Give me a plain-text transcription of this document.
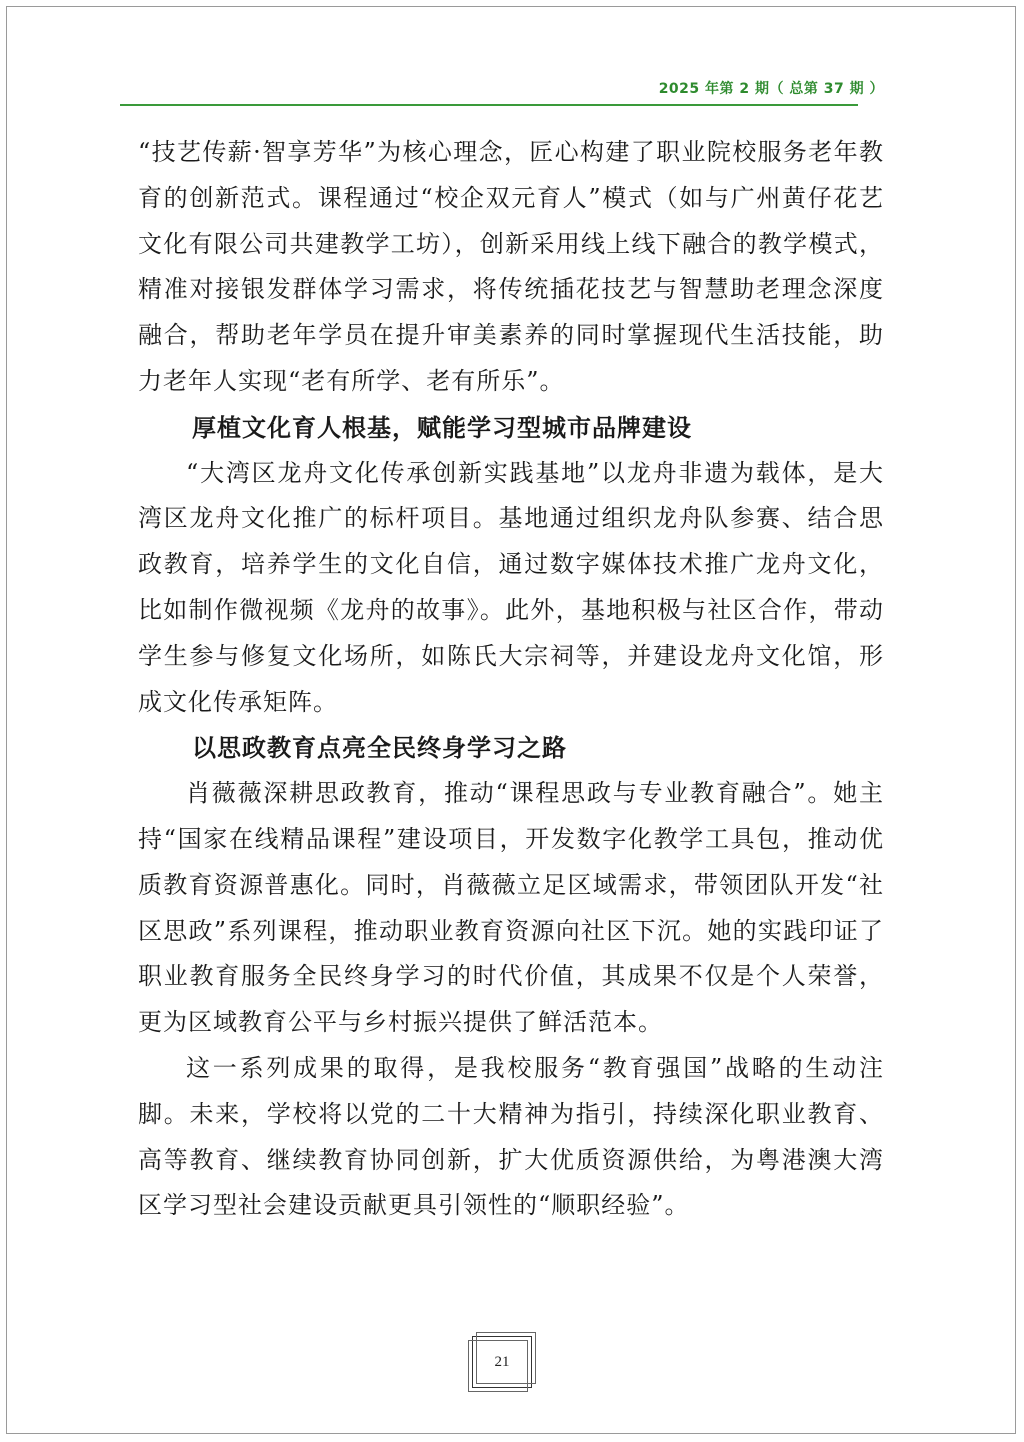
2025 年第 2 期（ 总第 37 期 ）

“技艺传薪·智享芳华”为核心理念，匠心构建了职业院校服务老年教育的创新范式。课程通过“校企双元育人”模式（如与广州黄仔花艺文化有限公司共建教学工坊），创新采用线上线下融合的教学模式，精准对接银发群体学习需求，将传统插花技艺与智慧助老理念深度融合，帮助老年学员在提升审美素养的同时掌握现代生活技能，助力老年人实现“老有所学、老有所乐”。

厚植文化育人根基，赋能学习型城市品牌建设

“大湾区龙舟文化传承创新实践基地”以龙舟非遗为载体，是大湾区龙舟文化推广的标杆项目。基地通过组织龙舟队参赛、结合思政教育，培养学生的文化自信，通过数字媒体技术推广龙舟文化，比如制作微视频《龙舟的故事》。此外，基地积极与社区合作，带动学生参与修复文化场所，如陈氏大宗祠等，并建设龙舟文化馆，形成文化传承矩阵。

以思政教育点亮全民终身学习之路

肖薇薇深耕思政教育，推动“课程思政与专业教育融合”。她主持“国家在线精品课程”建设项目，开发数字化教学工具包，推动优质教育资源普惠化。同时，肖薇薇立足区域需求，带领团队开发“社区思政”系列课程，推动职业教育资源向社区下沉。她的实践印证了职业教育服务全民终身学习的时代价值，其成果不仅是个人荣誉，更为区域教育公平与乡村振兴提供了鲜活范本。

这一系列成果的取得，是我校服务“教育强国”战略的生动注脚。未来，学校将以党的二十大精神为指引，持续深化职业教育、高等教育、继续教育协同创新，扩大优质资源供给，为粤港澳大湾区学习型社会建设贡献更具引领性的“顺职经验”。

21
